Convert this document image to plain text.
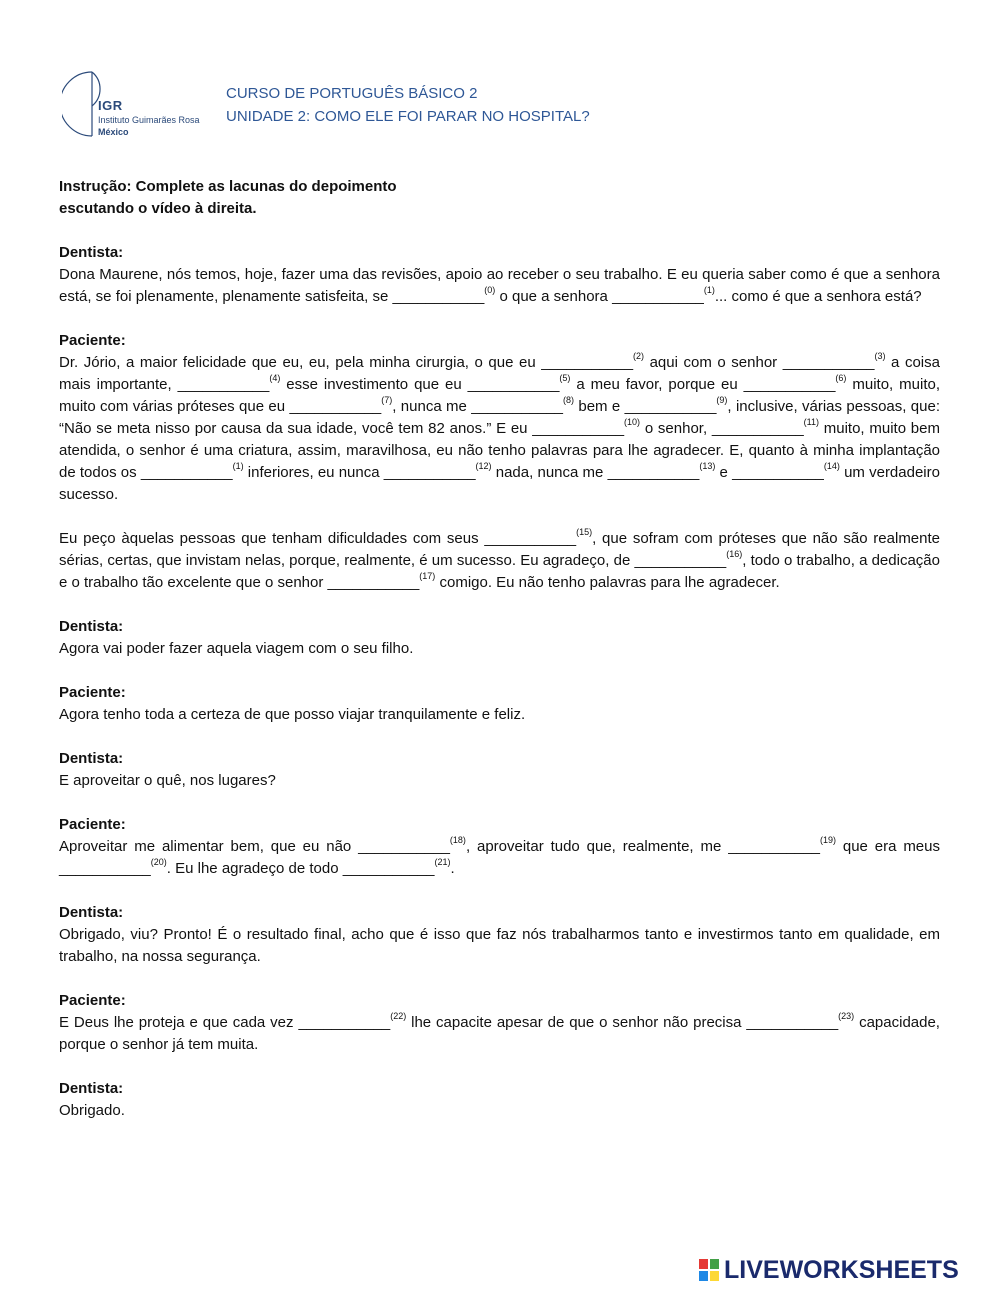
IGR
Instituto Guimarães Rosa
México
CURSO DE PORTUGUÊS BÁSICO 2
UNIDADE 2: COMO ELE FOI PARAR NO HOSPITAL?
Instrução: Complete as lacunas do depoimento
escutando o vídeo à direita.
Dentista:
Dona Maurene, nós temos, hoje, fazer uma das revisões, apoio ao receber o seu trabalho. E eu queria saber como é que a senhora está, se foi plenamente, plenamente satisfeita, se ___________$^{(0)}$ o que a senhora ___________$^{(1)}$... como é que a senhora está?
Paciente:
Dr. Jório, a maior felicidade que eu, eu, pela minha cirurgia, o que eu ___________$^{(2)}$ aqui com o senhor ___________$^{(3)}$ a coisa mais importante, ___________$^{(4)}$ esse investimento que eu ___________$^{(5)}$ a meu favor, porque eu ___________$^{(6)}$ muito, muito, muito com várias próteses que eu ___________$^{(7)}$, nunca me ___________$^{(8)}$ bem e ___________$^{(9)}$, inclusive, várias pessoas, que: “Não se meta nisso por causa da sua idade, você tem 82 anos.” E eu ___________$^{(10)}$ o senhor, ___________$^{(11)}$ muito, muito bem atendida, o senhor é uma criatura, assim, maravilhosa, eu não tenho palavras para lhe agradecer. E, quanto à minha implantação de todos os ___________$^{(1)}$ inferiores, eu nunca ___________$^{(12)}$ nada, nunca me ___________$^{(13)}$ e ___________$^{(14)}$ um verdadeiro sucesso.
Eu peço àquelas pessoas que tenham dificuldades com seus ___________$^{(15)}$, que sofram com próteses que não são realmente sérias, certas, que invistam nelas, porque, realmente, é um sucesso. Eu agradeço, de ___________$^{(16)}$, todo o trabalho, a dedicação e o trabalho tão excelente que o senhor ___________$^{(17)}$ comigo. Eu não tenho palavras para lhe agradecer.
Dentista:
Agora vai poder fazer aquela viagem com o seu filho.
Paciente:
Agora tenho toda a certeza de que posso viajar tranquilamente e feliz.
Dentista:
E aproveitar o quê, nos lugares?
Paciente:
Aproveitar me alimentar bem, que eu não ___________$^{(18)}$, aproveitar tudo que, realmente, me ___________$^{(19)}$ que era meus ___________$^{(20)}$. Eu lhe agradeço de todo ___________$^{(21)}$.
Dentista:
Obrigado, viu? Pronto! É o resultado final, acho que é isso que faz nós trabalharmos tanto e investirmos tanto em qualidade, em trabalho, na nossa segurança.
Paciente:
E Deus lhe proteja e que cada vez ___________$^{(22)}$ lhe capacite apesar de que o senhor não precisa ___________$^{(23)}$ capacidade, porque o senhor já tem muita.
Dentista:
Obrigado.
LIVEWORKSHEETS
